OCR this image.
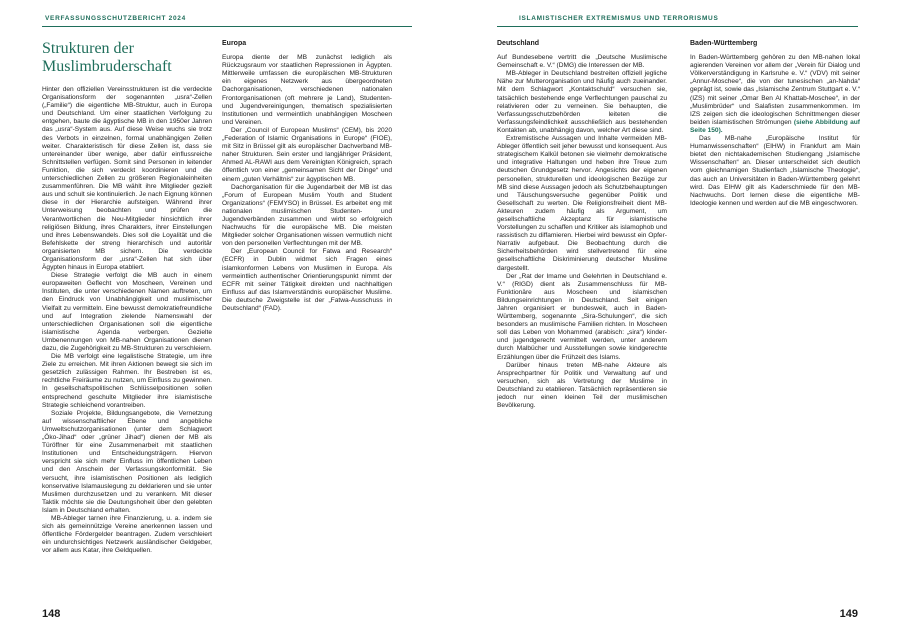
VERFASSUNGSSCHUTZBERICHT 2024	ISLAMISTISCHER EXTREMISMUS UND TERRORISMUS
Strukturen der
Muslimbruderschaft

Hinter den offiziellen Vereinsstrukturen ist die verdeckte Organisationsform der sogenannten „usra“-Zellen („Familie“) die eigentliche MB-Struktur, auch in Europa und Deutschland. Um einer staatlichen Verfolgung zu entgehen, baute die ägyptische MB in den 1950er Jahren das „usra“-System aus. Auf diese Weise wuchs sie trotz des Verbots in einzelnen, formal unabhängigen Zellen weiter. Charakteristisch für diese Zellen ist, dass sie untereinander über wenige, aber dafür einflussreiche Schnittstellen verfügen. Somit sind Personen in leitender Funktion, die sich verdeckt koordinieren und die unterschiedlichen Zellen zu größeren Regionaleinheiten zusammenführen. Die MB wählt ihre Mitglieder gezielt aus und schult sie kontinuierlich. Je nach Eignung können diese in der Hierarchie aufsteigen. Während ihrer Unterweisung beobachten und prüfen die Verantwortlichen die Neu-Mitglieder hinsichtlich ihrer religiösen Bildung, ihres Charakters, ihrer Einstellungen und ihres Lebenswandels. Dies soll die Loyalität und die Befehlskette der streng hierarchisch und autoritär organisierten MB sichern. Die verdeckte Organisationsform der „usra“-Zellen hat sich über Ägypten hinaus in Europa etabliert.

Diese Strategie verfolgt die MB auch in einem europaweiten Geflecht von Moscheen, Vereinen und Instituten, die unter verschiedenen Namen auftreten, um den Eindruck von Unabhängigkeit und muslimischer Vielfalt zu vermitteln. Eine bewusst demokratiefreundliche und auf Integration zielende Namenswahl der unterschiedlichen Organisationen soll die eigentliche islamistische Agenda verbergen. Gezielte Umbenennungen von MB-nahen Organisationen dienen dazu, die Zugehörigkeit zu MB-Strukturen zu verschleiern.

Die MB verfolgt eine legalistische Strategie, um ihre Ziele zu erreichen. Mit ihren Aktionen bewegt sie sich im gesetzlich zulässigen Rahmen. Ihr Bestreben ist es, rechtliche Freiräume zu nutzen, um Einfluss zu gewinnen. In gesellschaftspolitischen Schlüsselpositionen sollen entsprechend geschulte Mitglieder ihre islamistische Strategie schleichend vorantreiben.

Soziale Projekte, Bildungsangebote, die Vernetzung auf wissenschaftlicher Ebene und angebliche Umweltschutzorganisationen (unter dem Schlagwort „Öko-Jihad“ oder „grüner Jihad“) dienen der MB als Türöffner für eine Zusammenarbeit mit staatlichen Institutionen und Entscheidungsträgern. Hiervon verspricht sie sich mehr Einfluss im öffentlichen Leben und den Anschein der Verfassungskonformität. Sie versucht, ihre islamistischen Positionen als lediglich konservative Islamauslegung zu deklarieren und sie unter Muslimen durchzusetzen und zu verankern. Mit dieser Taktik möchte sie die Deutungshoheit über den gelebten Islam in Deutschland erhalten.

MB-Ableger tarnen ihre Finanzierung, u. a. indem sie sich als gemeinnützige Vereine anerkennen lassen und öffentliche Fördergelder beantragen. Zudem verschleiert ein undurchsichtiges Netzwerk ausländischer Geldgeber, vor allem aus Katar, ihre Geldquellen.

Europa

Europa diente der MB zunächst lediglich als Rückzugsraum vor staatlichen Repressionen in Ägypten. Mittlerweile umfassen die europäischen MB-Strukturen ein eigenes Netzwerk aus übergeordneten Dachorganisationen, verschiedenen nationalen Frontorganisationen (oft mehrere je Land), Studenten- und Jugendvereinigungen, thematisch spezialisierten Institutionen und vermeintlich unabhängigen Moscheen und Vereinen.

Der „Council of European Muslims“ (CEM), bis 2020 „Federation of Islamic Organisations in Europe“ (FIOE), mit Sitz in Brüssel gilt als europäischer Dachverband MB-naher Strukturen. Sein erster und langjähriger Präsident, Ahmed AL-RAWI aus dem Vereinigten Königreich, sprach öffentlich von einer „gemeinsamen Sicht der Dinge“ und einem „guten Verhältnis“ zur ägyptischen MB.

Dachorganisation für die Jugendarbeit der MB ist das „Forum of European Muslim Youth and Student Organizations“ (FEMYSO) in Brüssel. Es arbeitet eng mit nationalen muslimischen Studenten- und Jugendverbänden zusammen und wirbt so erfolgreich Nachwuchs für die europäische MB. Die meisten Mitglieder solcher Organisationen wissen vermutlich nicht von den personellen Verflechtungen mit der MB.

Der „European Council for Fatwa and Research“ (ECFR) in Dublin widmet sich Fragen eines islamkonformen Lebens von Muslimen in Europa. Als vermeintlich authentischer Orientierungspunkt nimmt der ECFR mit seiner Tätigkeit direkten und nachhaltigen Einfluss auf das Islamverständnis europäischer Muslime. Die deutsche Zweigstelle ist der „Fatwa-Ausschuss in Deutschland“ (FAD).

Deutschland

Auf Bundesebene vertritt die „Deutsche Muslimische Gemeinschaft e. V.“ (DMG) die Interessen der MB.

MB-Ableger in Deutschland bestreiten offiziell jegliche Nähe zur Mutterorganisation und häufig auch zueinander. Mit dem Schlagwort „Kontaktschuld“ versuchen sie, tatsächlich bestehende enge Verflechtungen pauschal zu relativieren oder zu verneinen. Sie behaupten, die Verfassungsschutzbehörden leiteten die Verfassungsfeindlichkeit ausschließlich aus bestehenden Kontakten ab, unabhängig davon, welcher Art diese sind.

Extremistische Aussagen und Inhalte vermeiden MB-Ableger öffentlich seit jeher bewusst und konsequent. Aus strategischem Kalkül betonen sie vielmehr demokratische und integrative Haltungen und heben ihre Treue zum deutschen Grundgesetz hervor. Angesichts der eigenen personellen, strukturellen und ideologischen Bezüge zur MB sind diese Aussagen jedoch als Schutzbehauptungen und Täuschungsversuche gegenüber Politik und Gesellschaft zu werten. Die Religionsfreiheit dient MB-Akteuren zudem häufig als Argument, um gesellschaftliche Akzeptanz für islamistische Vorstellungen zu schaffen und Kritiker als islamophob und rassistisch zu diffamieren. Hierbei wird bewusst ein Opfer-Narrativ aufgebaut. Die Beobachtung durch die Sicherheitsbehörden wird stellvertretend für eine gesellschaftliche Diskriminierung deutscher Muslime dargestellt.

Der „Rat der Imame und Gelehrten in Deutschland e. V.“ (RIGD) dient als Zusammenschluss für MB-Funktionäre aus Moscheen und islamischen Bildungseinrichtungen in Deutschland. Seit einigen Jahren organisiert er bundesweit, auch in Baden-Württemberg, sogenannte „Sira-Schulungen“, die sich besonders an muslimische Familien richten. In Moscheen soll das Leben von Mohammed (arabisch: „sira“) kinder- und jugendgerecht vermittelt werden, unter anderem durch Malbücher und Ausstellungen sowie kindgerechte Erzählungen über die Frühzeit des Islams.

Darüber hinaus treten MB-nahe Akteure als Ansprechpartner für Politik und Verwaltung auf und versuchen, sich als Vertretung der Muslime in Deutschland zu etablieren. Tatsächlich repräsentieren sie jedoch nur einen kleinen Teil der muslimischen Bevölkerung.

Baden-Württemberg

In Baden-Württemberg gehören zu den MB-nahen lokal agierenden Vereinen vor allem der „Verein für Dialog und Völkerverständigung in Karlsruhe e. V.“ (VDV) mit seiner „Annur-Moschee“, die von der tunesischen „an-Nahda“ geprägt ist, sowie das „Islamische Zentrum Stuttgart e. V.“ (IZS) mit seiner „Omar Ben Al Khattab-Moschee“, in der „Muslimbrüder“ und Salafisten zusammenkommen. Im IZS zeigen sich die ideologischen Schnittmengen dieser beiden islamistischen Strömungen (siehe Abbildung auf Seite 150).

Das MB-nahe „Europäische Institut für Humanwissenschaften“ (EIHW) in Frankfurt am Main bietet den nichtakademischen Studiengang „Islamische Wissenschaften“ an. Dieser unterscheidet sich deutlich vom gleichnamigen Studienfach „Islamische Theologie“, das auch an Universitäten in Baden-Württemberg gelehrt wird. Das EIHW gilt als Kaderschmiede für den MB-Nachwuchs. Dort lernen diese die eigentliche MB-Ideologie kennen und werden auf die MB eingeschworen.

148	149
